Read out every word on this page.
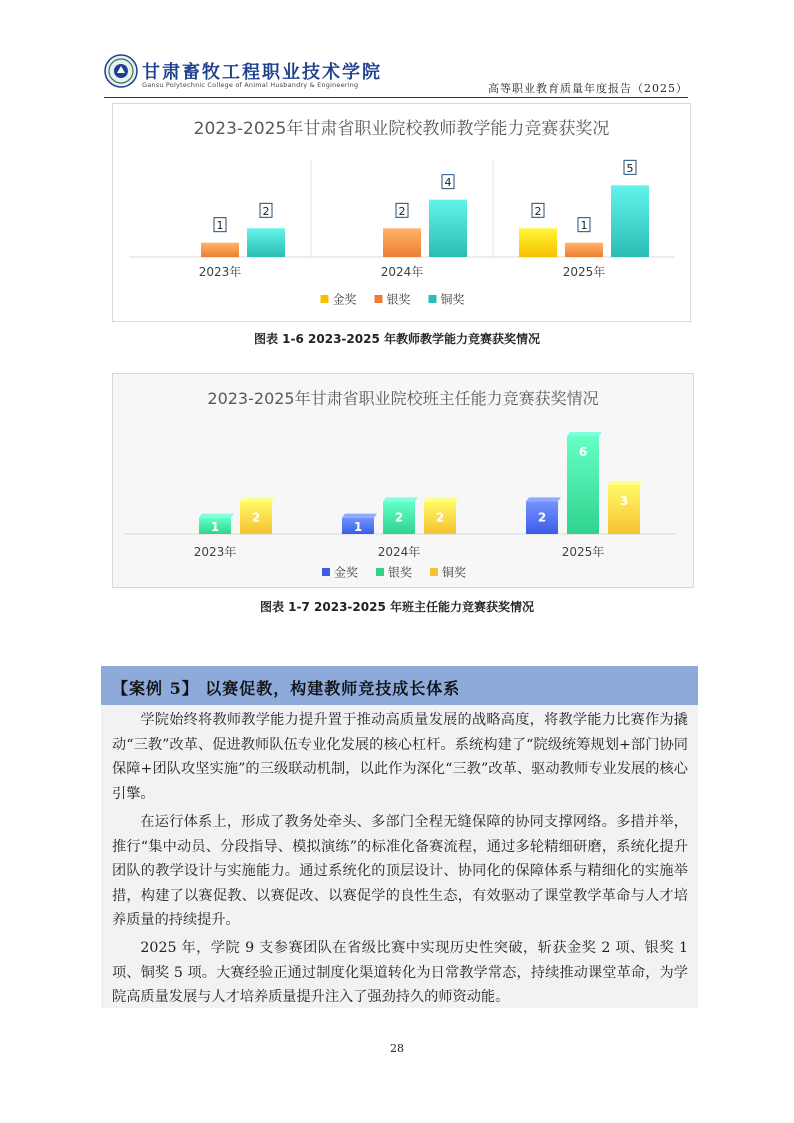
甘肃畜牧工程职业技术学院
Gansu Polytechnic College of Animal Husbandry & Engineering	高等职业教育质量年度报告（2025）
2023-2025年甘肃省职业院校教师教学能力竞赛获奖况
2023年
1
2
2024年
2
4
2025年
2
1
5
金奖 银奖 铜奖
图表 1-6 2023-2025 年教师教学能力竞赛获奖情况
2023-2025年甘肃省职业院校班主任能力竞赛获奖情况
2023年
1
2
2024年
1
2	2
2025年
2
6
3
金奖 银奖 铜奖
图表 1-7 2023-2025 年班主任能力竞赛获奖情况
【案例 5】 以赛促教，构建教师竞技成长体系
学院始终将教师教学能力提升置于推动高质量发展的战略高度，将教学能力比赛作为撬动“三教”改革、促进教师队伍专业化发展的核心杠杆。系统构建了“院级统筹规划+部门协同保障+团队攻坚实施”的三级联动机制，以此作为深化“三教”改革、驱动教师专业发展的核心引擎。
在运行体系上，形成了教务处牵头、多部门全程无缝保障的协同支撑网络。多措并举，推行“集中动员、分段指导、模拟演练”的标准化备赛流程，通过多轮精细研磨，系统化提升团队的教学设计与实施能力。通过系统化的顶层设计、协同化的保障体系与精细化的实施举措，构建了以赛促教、以赛促改、以赛促学的良性生态，有效驱动了课堂教学革命与人才培养质量的持续提升。
2025 年，学院 9 支参赛团队在省级比赛中实现历史性突破，斩获金奖 2 项、银奖 1 项、铜奖 5 项。大赛经验正通过制度化渠道转化为日常教学常态，持续推动课堂革命，为学院高质量发展与人才培养质量提升注入了强劲持久的师资动能。
28
